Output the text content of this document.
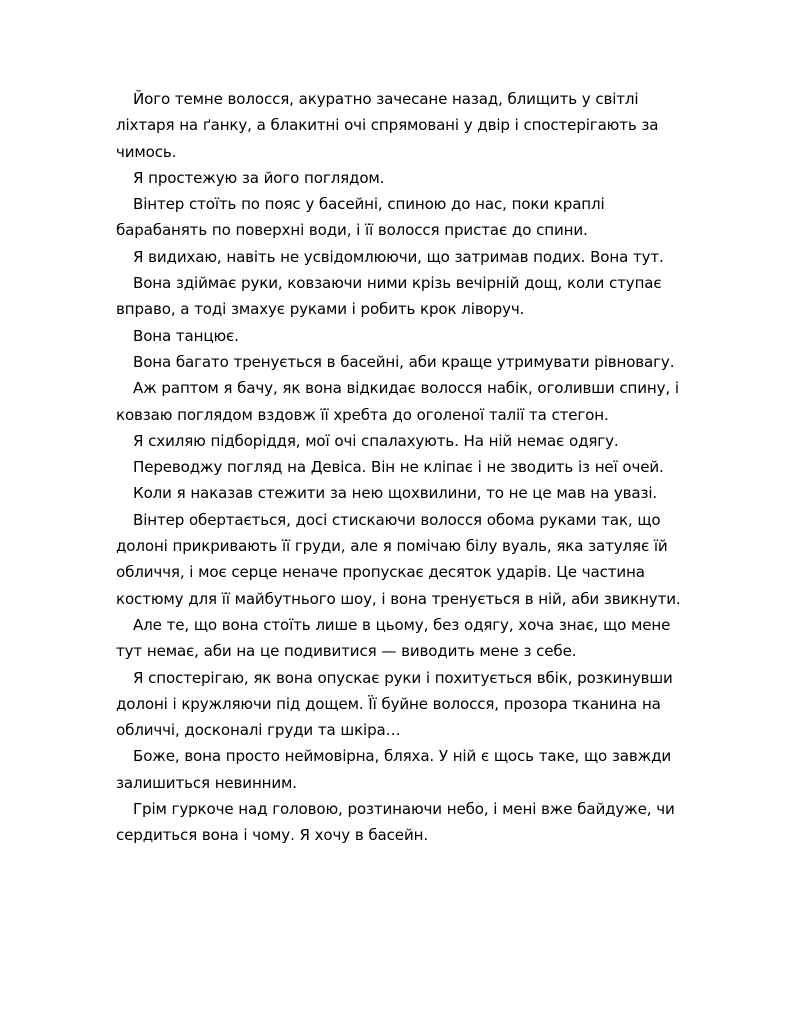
Його темне волосся, акуратно зачесане назад, блищить у світлі ліхтаря на ґанку, а блакитні очі спрямовані у двір і спостерігають за чимось.

Я простежую за його поглядом.

Вінтер стоїть по пояс у басейні, спиною до нас, поки краплі барабанять по поверхні води, і її волосся пристає до спини.

Я видихаю, навіть не усвідомлюючи, що затримав подих. Вона тут.

Вона здіймає руки, ковзаючи ними крізь вечірній дощ, коли ступає вправо, а тоді змахує руками і робить крок ліворуч.

Вона танцює.

Вона багато тренується в басейні, аби краще утримувати рівновагу.

Аж раптом я бачу, як вона відкидає волосся набік, оголивши спину, і ковзаю поглядом вздовж її хребта до оголеної талії та стегон.

Я схиляю підборіддя, мої очі спалахують. На ній немає одягу.

Переводжу погляд на Девіса. Він не кліпає і не зводить із неї очей.

Коли я наказав стежити за нею щохвилини, то не це мав на увазі.

Вінтер обертається, досі стискаючи волосся обома руками так, що долоні прикривають її груди, але я помічаю білу вуаль, яка затуляє їй обличчя, і моє серце неначе пропускає десяток ударів. Це частина костюму для її майбутнього шоу, і вона тренується в ній, аби звикнути.

Але те, що вона стоїть лише в цьому, без одягу, хоча знає, що мене тут немає, аби на це подивитися — виводить мене з себе.

Я спостерігаю, як вона опускає руки і похитується вбік, розкинувши долоні і кружляючи під дощем. Її буйне волосся, прозора тканина на обличчі, досконалі груди та шкіра…

Боже, вона просто неймовірна, бляха. У ній є щось таке, що завжди залишиться невинним.

Грім гуркоче над головою, розтинаючи небо, і мені вже байдуже, чи сердиться вона і чому. Я хочу в басейн.
